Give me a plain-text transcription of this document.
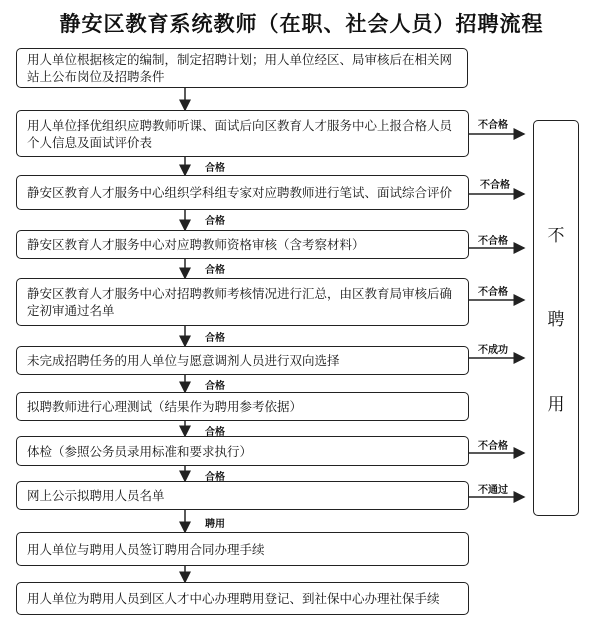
静安区教育系统教师（在职、社会人员）招聘流程
用人单位根据核定的编制，制定招聘计划；用人单位经区、局审核后在相关网站上公布岗位及招聘条件
用人单位择优组织应聘教师听课、面试后向区教育人才服务中心上报合格人员个人信息及面试评价表
静安区教育人才服务中心组织学科组专家对应聘教师进行笔试、面试综合评价
静安区教育人才服务中心对应聘教师资格审核（含考察材料）
静安区教育人才服务中心对招聘教师考核情况进行汇总，由区教育局审核后确定初审通过名单
未完成招聘任务的用人单位与愿意调剂人员进行双向选择
拟聘教师进行心理测试（结果作为聘用参考依据）
体检（参照公务员录用标准和要求执行）
网上公示拟聘用人员名单
用人单位与聘用人员签订聘用合同办理手续
用人单位为聘用人员到区人才中心办理聘用登记、到社保中心办理社保手续
合格
合格
合格
合格
合格
合格
合格
聘用
不合格
不合格
不合格
不合格
不成功
不合格
不通过
不
聘
用
